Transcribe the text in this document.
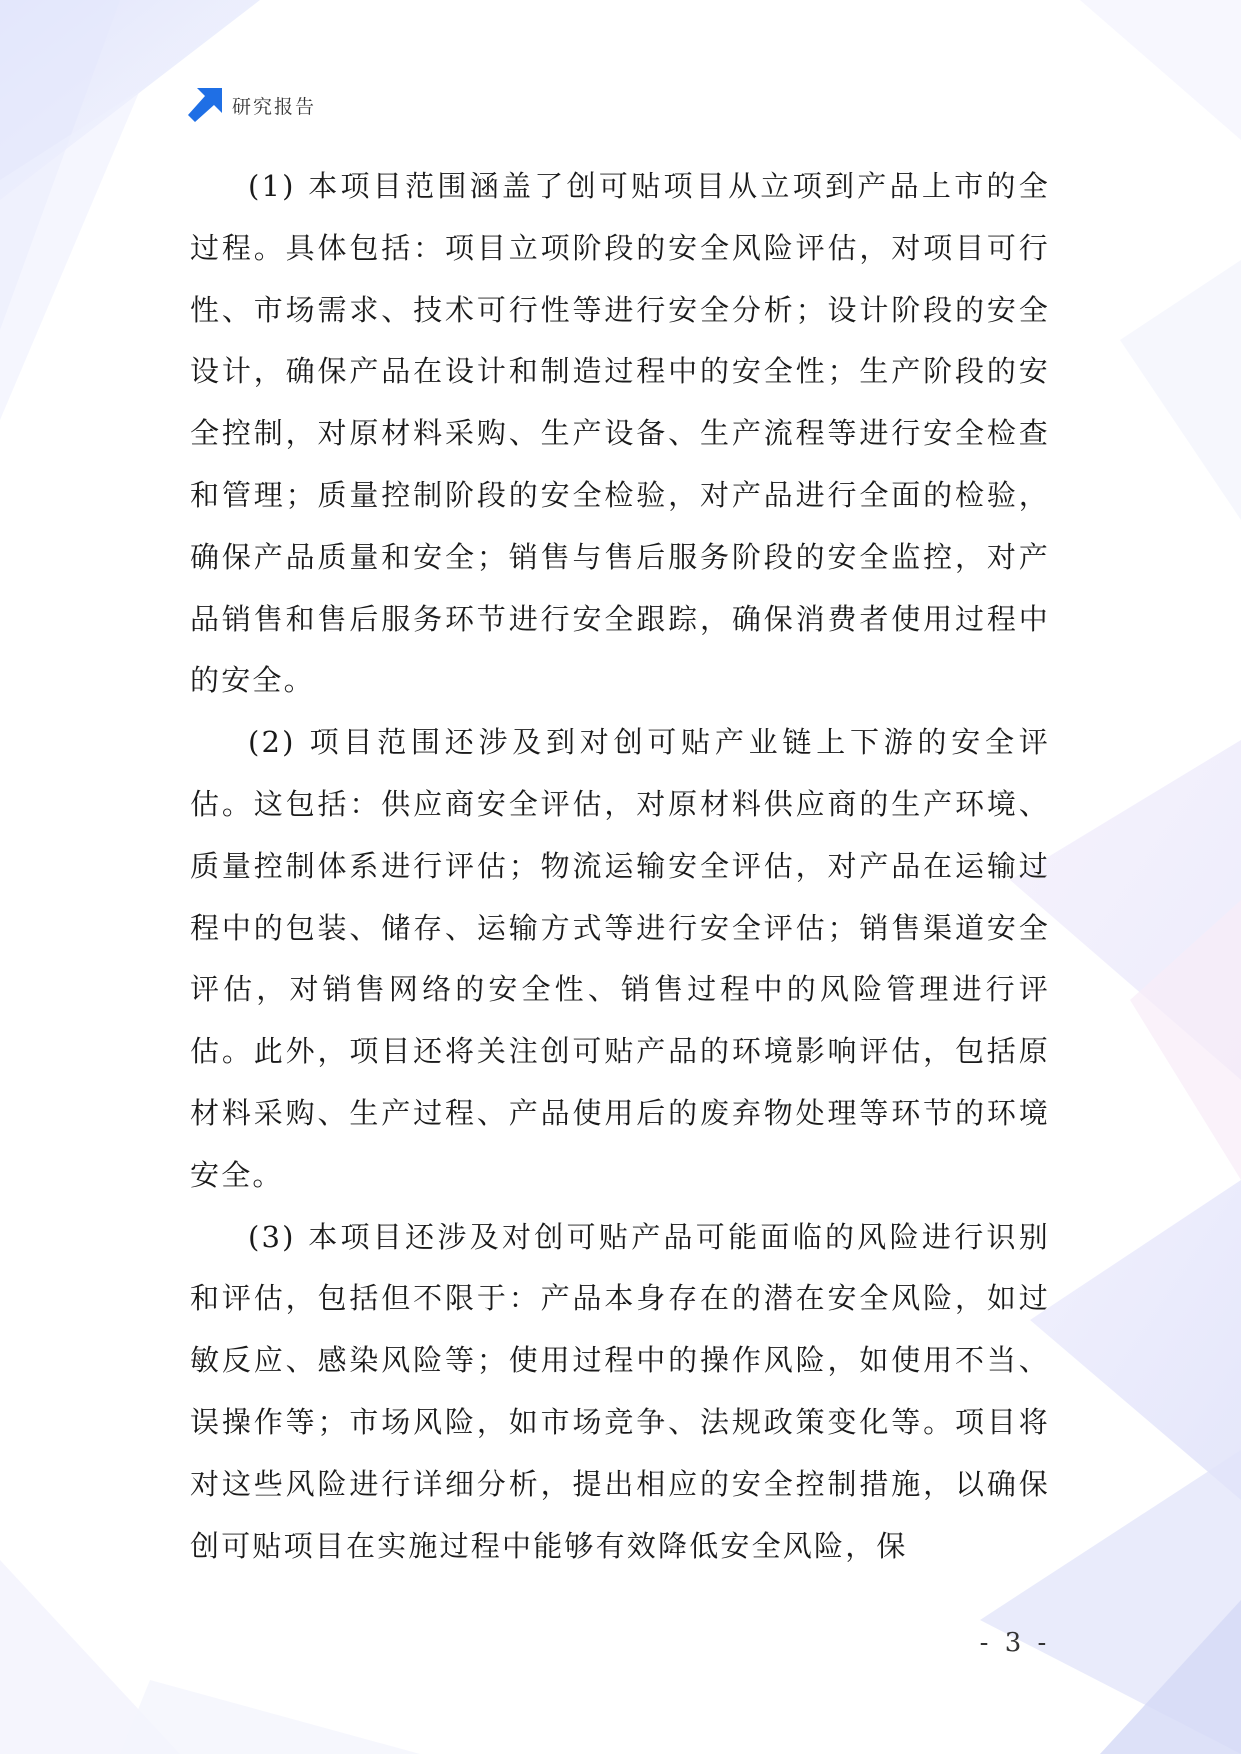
研究报告

(1) 本项目范围涵盖了创可贴项目从立项到产品上市的全过程。具体包括：项目立项阶段的安全风险评估，对项目可行性、市场需求、技术可行性等进行安全分析；设计阶段的安全设计，确保产品在设计和制造过程中的安全性；生产阶段的安全控制，对原材料采购、生产设备、生产流程等进行安全检查和管理；质量控制阶段的安全检验，对产品进行全面的检验，确保产品质量和安全；销售与售后服务阶段的安全监控，对产品销售和售后服务环节进行安全跟踪，确保消费者使用过程中的安全。

(2) 项目范围还涉及到对创可贴产业链上下游的安全评估。这包括：供应商安全评估，对原材料供应商的生产环境、质量控制体系进行评估；物流运输安全评估，对产品在运输过程中的包装、储存、运输方式等进行安全评估；销售渠道安全评估，对销售网络的安全性、销售过程中的风险管理进行评估。此外，项目还将关注创可贴产品的环境影响评估，包括原材料采购、生产过程、产品使用后的废弃物处理等环节的环境安全。

(3) 本项目还涉及对创可贴产品可能面临的风险进行识别和评估，包括但不限于：产品本身存在的潜在安全风险，如过敏反应、感染风险等；使用过程中的操作风险，如使用不当、误操作等；市场风险，如市场竞争、法规政策变化等。项目将对这些风险进行详细分析，提出相应的安全控制措施，以确保创可贴项目在实施过程中能够有效降低安全风险，保

- 3 -
